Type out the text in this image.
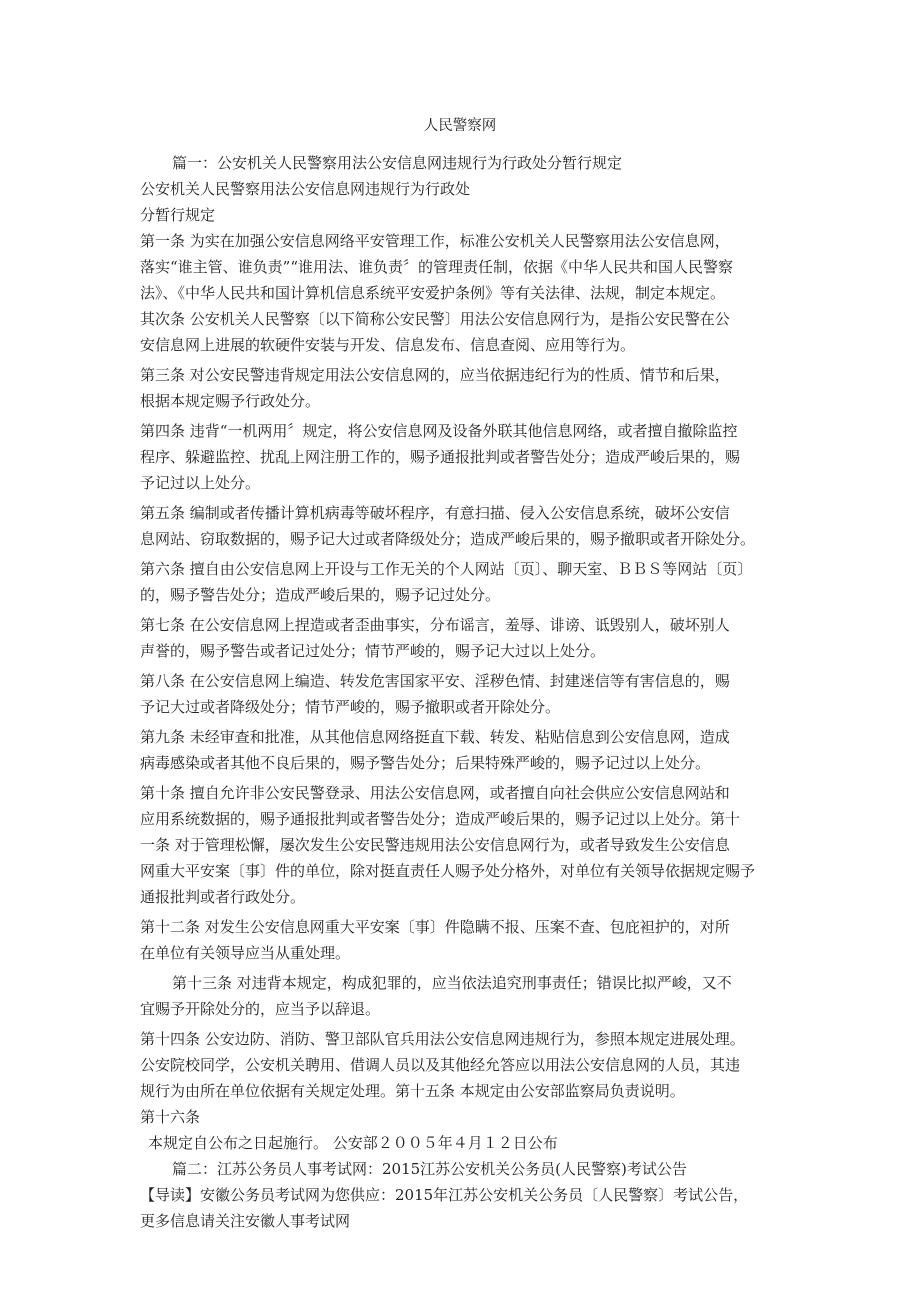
人民警察网
篇一：公安机关人民警察用法公安信息网违规行为行政处分暂行规定
公安机关人民警察用法公安信息网违规行为行政处
分暂行规定
第一条 为实在加强公安信息网络平安管理工作，标准公安机关人民警察用法公安信息网，
落实“谁主管、谁负责”“谁用法、谁负责〞的管理责任制，依据《中华人民共和国人民警察
法》、《中华人民共和国计算机信息系统平安爱护条例》等有关法律、法规，制定本规定。
其次条 公安机关人民警察〔以下简称公安民警〕用法公安信息网行为，是指公安民警在公
安信息网上进展的软硬件安装与开发、信息发布、信息查阅、应用等行为。
第三条 对公安民警违背规定用法公安信息网的，应当依据违纪行为的性质、情节和后果，
根据本规定赐予行政处分。
第四条 违背“一机两用〞规定，将公安信息网及设备外联其他信息网络，或者擅自撤除监控
程序、躲避监控、扰乱上网注册工作的，赐予通报批判或者警告处分；造成严峻后果的，赐
予记过以上处分。
第五条 编制或者传播计算机病毒等破坏程序，有意扫描、侵入公安信息系统，破坏公安信
息网站、窃取数据的，赐予记大过或者降级处分；造成严峻后果的，赐予撤职或者开除处分。
第六条 擅自由公安信息网上开设与工作无关的个人网站〔页〕、聊天室、ＢＢＳ等网站〔页〕
的，赐予警告处分；造成严峻后果的，赐予记过处分。
第七条 在公安信息网上捏造或者歪曲事实，分布谣言，羞辱、诽谤、诋毁别人，破坏别人
声誉的，赐予警告或者记过处分；情节严峻的，赐予记大过以上处分。
第八条 在公安信息网上编造、转发危害国家平安、淫秽色情、封建迷信等有害信息的，赐
予记大过或者降级处分；情节严峻的，赐予撤职或者开除处分。
第九条 未经审查和批准，从其他信息网络挺直下载、转发、粘贴信息到公安信息网，造成
病毒感染或者其他不良后果的，赐予警告处分；后果特殊严峻的，赐予记过以上处分。
第十条 擅自允许非公安民警登录、用法公安信息网，或者擅自向社会供应公安信息网站和
应用系统数据的，赐予通报批判或者警告处分；造成严峻后果的，赐予记过以上处分。第十
一条 对于管理松懈，屡次发生公安民警违规用法公安信息网行为，或者导致发生公安信息
网重大平安案〔事〕件的单位，除对挺直责任人赐予处分格外，对单位有关领导依据规定赐予
通报批判或者行政处分。
第十二条 对发生公安信息网重大平安案〔事〕件隐瞒不报、压案不查、包庇袒护的，对所
在单位有关领导应当从重处理。
第十三条 对违背本规定，构成犯罪的，应当依法追究刑事责任；错误比拟严峻，又不
宜赐予开除处分的，应当予以辞退。
第十四条 公安边防、消防、警卫部队官兵用法公安信息网违规行为，参照本规定进展处理。
公安院校同学，公安机关聘用、借调人员以及其他经允答应以用法公安信息网的人员，其违
规行为由所在单位依据有关规定处理。第十五条 本规定由公安部监察局负责说明。
第十六条
本规定自公布之日起施行。 公安部２００５年４月１２日公布
篇二：江苏公务员人事考试网：2015江苏公安机关公务员(人民警察)考试公告
【导读】安徽公务员考试网为您供应：2015年江苏公安机关公务员〔人民警察〕考试公告，
更多信息请关注安徽人事考试网
